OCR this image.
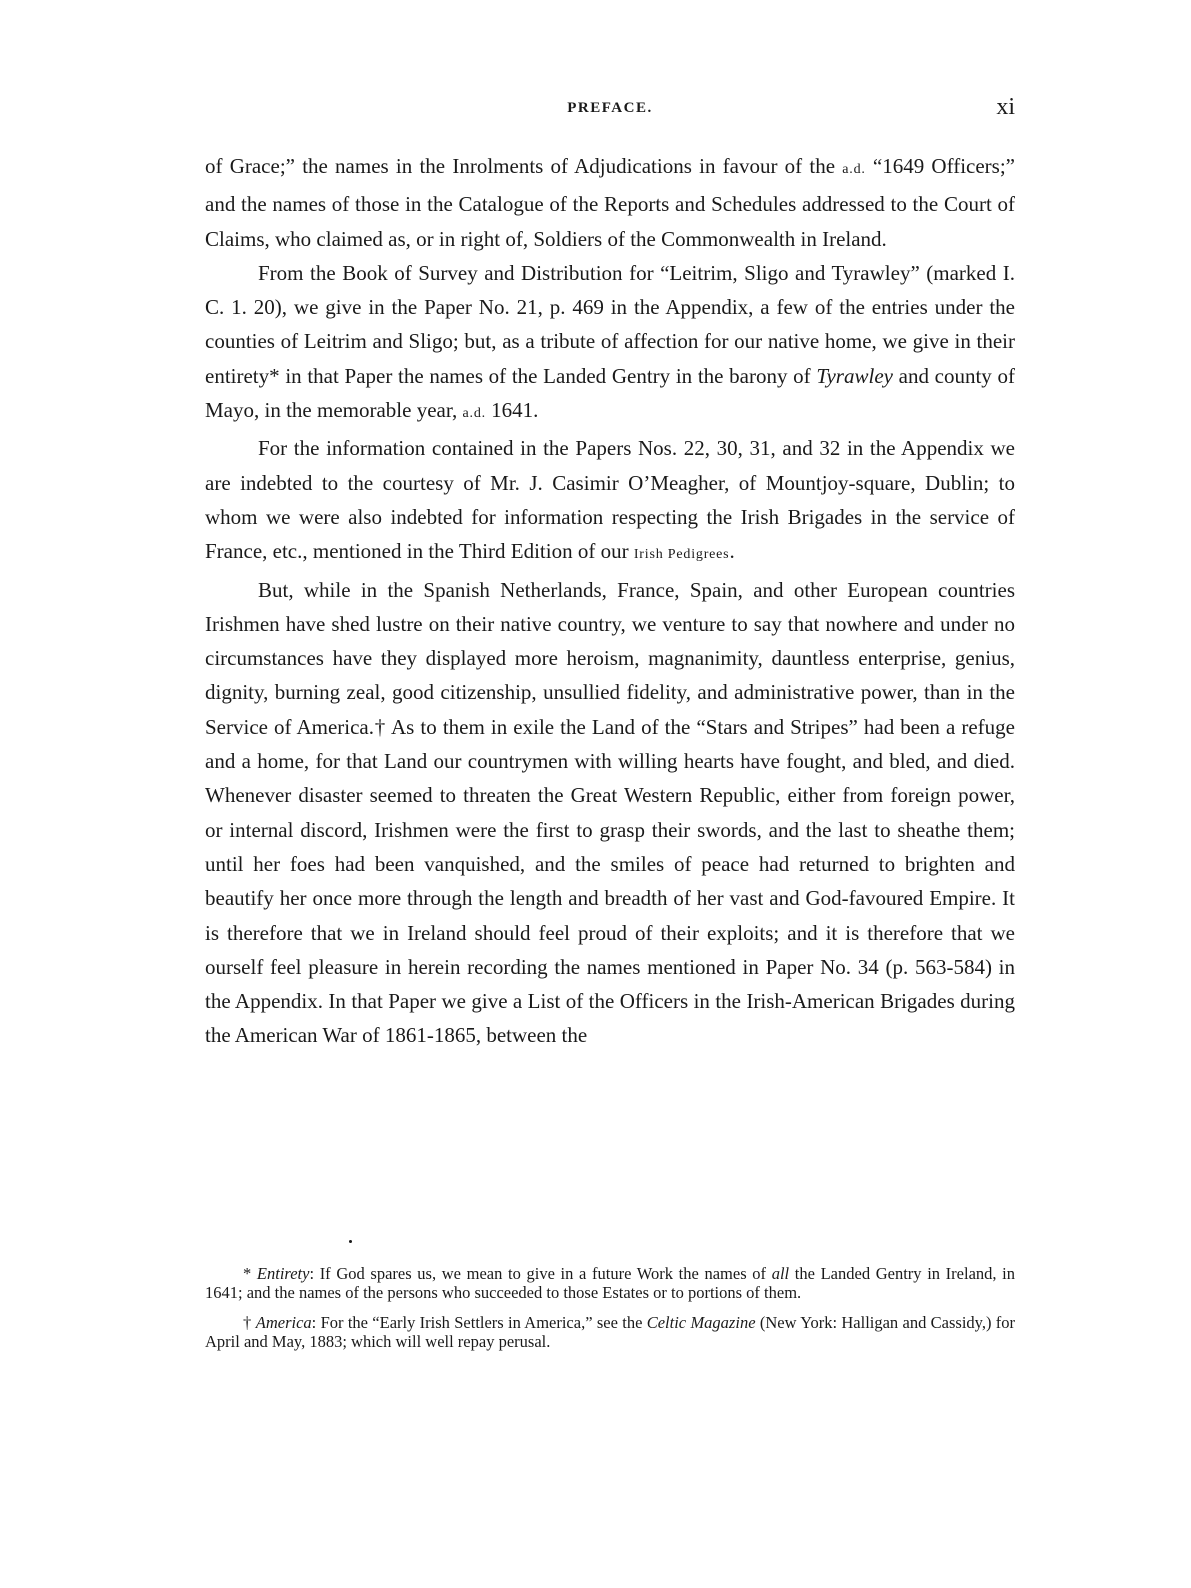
PREFACE.	xi

of Grace;” the names in the Inrolments of Adjudications in favour of the a.d. “1649 Officers;” and the names of those in the Catalogue of the Reports and Schedules addressed to the Court of Claims, who claimed as, or in right of, Soldiers of the Commonwealth in Ireland.

From the Book of Survey and Distribution for “Leitrim, Sligo and Tyrawley” (marked I. C. 1. 20), we give in the Paper No. 21, p. 469 in the Appendix, a few of the entries under the counties of Leitrim and Sligo; but, as a tribute of affection for our native home, we give in their entirety* in that Paper the names of the Landed Gentry in the barony of Tyrawley and county of Mayo, in the memorable year, a.d. 1641.

For the information contained in the Papers Nos. 22, 30, 31, and 32 in the Appendix we are indebted to the courtesy of Mr. J. Casimir O’Meagher, of Mountjoy-square, Dublin; to whom we were also indebted for information respecting the Irish Brigades in the service of France, etc., mentioned in the Third Edition of our Irish Pedigrees.

But, while in the Spanish Netherlands, France, Spain, and other European countries Irishmen have shed lustre on their native country, we venture to say that nowhere and under no circumstances have they displayed more heroism, magnanimity, dauntless enterprise, genius, dignity, burning zeal, good citizenship, unsullied fidelity, and administrative power, than in the Service of America.† As to them in exile the Land of the “Stars and Stripes” had been a refuge and a home, for that Land our countrymen with willing hearts have fought, and bled, and died. Whenever disaster seemed to threaten the Great Western Republic, either from foreign power, or internal discord, Irishmen were the first to grasp their swords, and the last to sheathe them; until her foes had been vanquished, and the smiles of peace had returned to brighten and beautify her once more through the length and breadth of her vast and God-favoured Empire. It is therefore that we in Ireland should feel proud of their exploits; and it is therefore that we ourself feel pleasure in herein recording the names mentioned in Paper No. 34 (p. 563-584) in the Appendix. In that Paper we give a List of the Officers in the Irish-American Brigades during the American War of 1861-1865, between the

* Entirety: If God spares us, we mean to give in a future Work the names of all the Landed Gentry in Ireland, in 1641; and the names of the persons who succeeded to those Estates or to portions of them.

† America: For the “Early Irish Settlers in America,” see the Celtic Magazine (New York: Halligan and Cassidy,) for April and May, 1883; which will well repay perusal.
